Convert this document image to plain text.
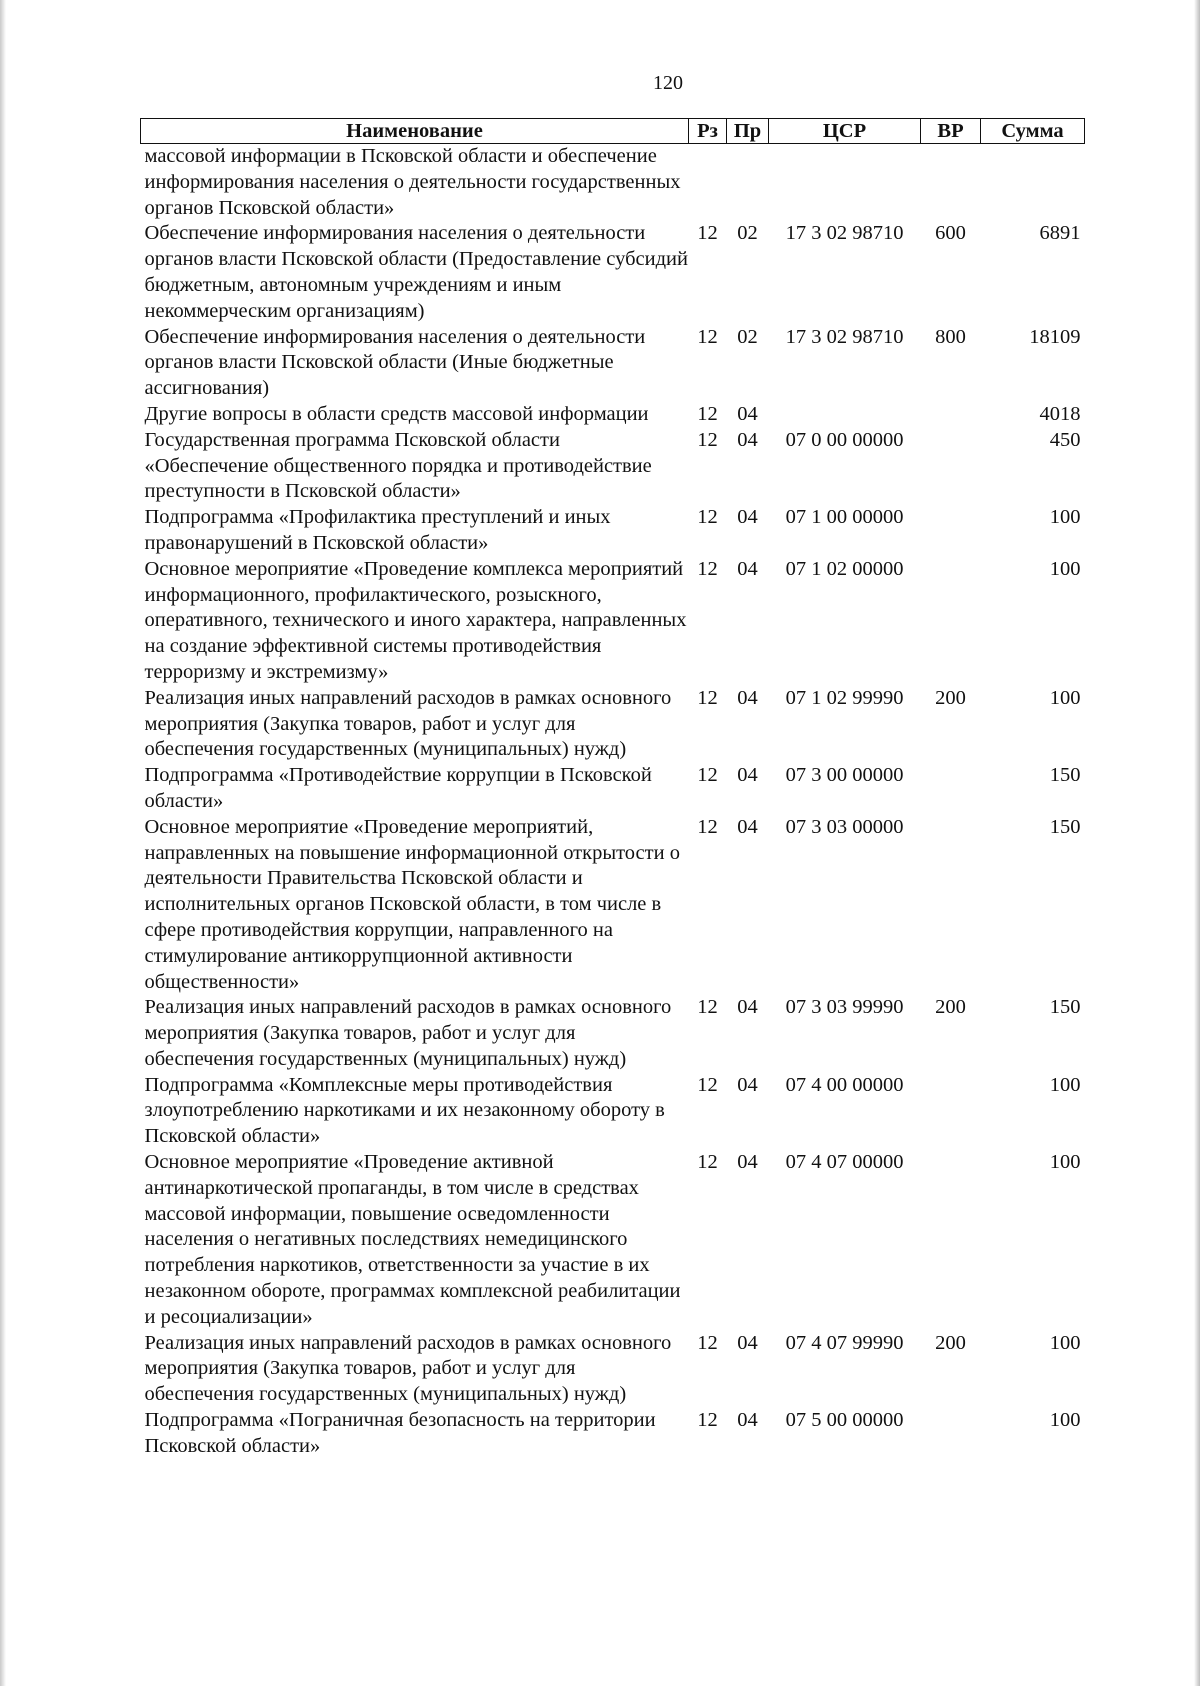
120
Наименование	Рз	Пр	ЦСР	ВР	Сумма
массовой информации в Псковской области и обеспечение информирования населения о деятельности государственных органов Псковской области»					
Обеспечение информирования населения о деятельности органов власти Псковской области (Предоставление субсидий бюджетным, автономным учреждениям и иным некоммерческим организациям)	12	02	17 3 02 98710	600	6891
Обеспечение информирования населения о деятельности органов власти Псковской области (Иные бюджетные ассигнования)	12	02	17 3 02 98710	800	18109
Другие вопросы в области средств массовой информации	12	04			4018
Государственная программа Псковской области «Обеспечение общественного порядка и противодействие преступности в Псковской области»	12	04	07 0 00 00000		450
Подпрограмма «Профилактика преступлений и иных правонарушений в Псковской области»	12	04	07 1 00 00000		100
Основное мероприятие «Проведение комплекса мероприятий информационного, профилактического, розыскного, оперативного, технического и иного характера, направленных на создание эффективной системы противодействия терроризму и экстремизму»	12	04	07 1 02 00000		100
Реализация иных направлений расходов в рамках основного мероприятия (Закупка товаров, работ и услуг для обеспечения государственных (муниципальных) нужд)	12	04	07 1 02 99990	200	100
Подпрограмма «Противодействие коррупции в Псковской области»	12	04	07 3 00 00000		150
Основное мероприятие «Проведение мероприятий, направленных на повышение информационной открытости о деятельности Правительства Псковской области и исполнительных органов Псковской области, в том числе в сфере противодействия коррупции, направленного на стимулирование антикоррупционной активности общественности»	12	04	07 3 03 00000		150
Реализация иных направлений расходов в рамках основного мероприятия (Закупка товаров, работ и услуг для обеспечения государственных (муниципальных) нужд)	12	04	07 3 03 99990	200	150
Подпрограмма «Комплексные меры противодействия злоупотреблению наркотиками и их незаконному обороту в Псковской области»	12	04	07 4 00 00000		100
Основное мероприятие «Проведение активной антинаркотической пропаганды, в том числе в средствах массовой информации, повышение осведомленности населения о негативных последствиях немедицинского потребления наркотиков, ответственности за участие в их незаконном обороте, программах комплексной реабилитации и ресоциализации»	12	04	07 4 07 00000		100
Реализация иных направлений расходов в рамках основного мероприятия (Закупка товаров, работ и услуг для обеспечения государственных (муниципальных) нужд)	12	04	07 4 07 99990	200	100
Подпрограмма «Пограничная безопасность на территории Псковской области»	12	04	07 5 00 00000		100
